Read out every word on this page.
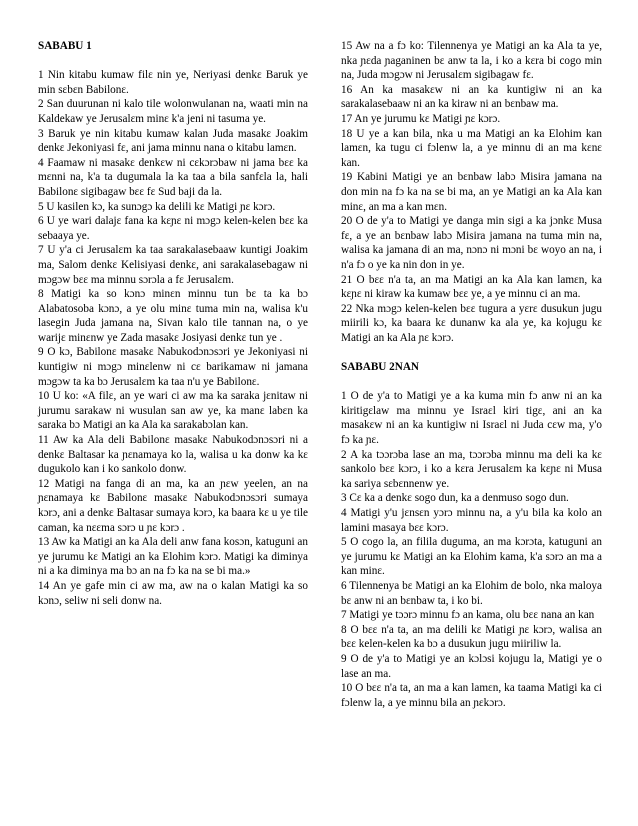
SABABU 1

1 Nin kitabu kumaw filɛ nin ye, Neriyasi denkɛ Baruk ye min sɛbɛn Babilonɛ.

2 San duurunan ni kalo tile wolonwulanan na, waati min na Kaldekaw ye Jerusalɛm minɛ k'a jeni ni tasuma ye.

3 Baruk ye nin kitabu kumaw kalan Juda masakɛ Joakim denkɛ Jekoniyasi fɛ, ani jama minnu nana o kitabu lamɛn.

4 Faamaw ni masakɛ denkɛw ni cɛkɔrɔbaw ni jama bɛɛ ka mɛnni na, k'a ta dugumala la ka taa a bila sanfɛla la, hali Babilonɛ sigibagaw bɛɛ fɛ Sud baji da la.

5 U kasilen kɔ, ka sunɔgɔ ka delili kɛ Matigi ɲɛ kɔrɔ.

6 U ye wari dalajɛ fana ka kɛɲɛ ni mɔgɔ kelen-kelen bɛɛ ka sebaaya ye.

7 U y'a ci Jerusalɛm ka taa sarakalasebaaw kuntigi Joakim ma, Salom denkɛ Kelisiyasi denkɛ, ani sarakalasebagaw ni mɔgɔw bɛɛ ma minnu sɔrɔla a fɛ Jerusalɛm.

8 Matigi ka so kɔnɔ minɛn minnu tun bɛ ta ka bɔ Alabatosoba kɔnɔ, a ye olu minɛ tuma min na, walisa k'u lasegin Juda jamana na, Sivan kalo tile tannan na, o ye warijɛ minɛnw ye Zada masakɛ Josiyasi denkɛ tun ye .

9 O kɔ, Babilonɛ masakɛ Nabukodɔnɔsɔri ye Jekoniyasi ni kuntigiw ni mɔgɔ minɛlenw ni cɛ barikamaw ni jamana mɔgɔw ta ka bɔ Jerusalɛm ka taa n'u ye Babilonɛ.

10 U ko: «A filɛ, an ye wari ci aw ma ka saraka jɛnitaw ni jurumu sarakaw ni wusulan san aw ye, ka manɛ labɛn ka saraka bɔ Matigi an ka Ala ka sarakabɔlan kan.

11 Aw ka Ala deli Babilonɛ masakɛ Nabukodɔnɔsɔri ni a denkɛ Baltasar ka ɲɛnamaya ko la, walisa u ka donw ka kɛ dugukolo kan i ko sankolo donw.

12 Matigi na fanga di an ma, ka an ɲɛw yeelen, an na ɲɛnamaya kɛ Babilonɛ masakɛ Nabukodɔnɔsɔri sumaya kɔrɔ, ani a denkɛ Baltasar sumaya kɔrɔ, ka baara kɛ u ye tile caman, ka nɛɛma sɔrɔ u ɲɛ kɔrɔ .

13 Aw ka Matigi an ka Ala deli anw fana kosɔn, katuguni an ye jurumu kɛ Matigi an ka Elohim kɔrɔ. Matigi ka diminya ni a ka diminya ma bɔ an na fɔ ka na se bi ma.»

14 An ye gafe min ci aw ma, aw na o kalan Matigi ka so kɔnɔ, seliw ni seli donw na.

15 Aw na a fɔ ko: Tilennenya ye Matigi an ka Ala ta ye, nka ɲɛda ɲaganinen bɛ anw ta la, i ko a kɛra bi cogo min na, Juda mɔgɔw ni Jerusalɛm sigibagaw fɛ.

16 An ka masakɛw ni an ka kuntigiw ni an ka sarakalasebaaw ni an ka kiraw ni an bɛnbaw ma.

17 An ye jurumu kɛ Matigi ɲɛ kɔrɔ.

18 U ye a kan bila, nka u ma Matigi an ka Elohim kan lamɛn, ka tugu ci fɔlenw la, a ye minnu di an ma kɛnɛ kan.

19 Kabini Matigi ye an bɛnbaw labɔ Misira jamana na don min na fɔ ka na se bi ma, an ye Matigi an ka Ala kan minɛ, an ma a kan mɛn.

20 O de y'a to Matigi ye danga min sigi a ka jɔnkɛ Musa fɛ, a ye an bɛnbaw labɔ Misira jamana na tuma min na, walisa ka jamana di an ma, nɔnɔ ni mɔni bɛ woyo an na, i n'a fɔ o ye ka nin don in ye.

21 O bɛɛ n'a ta, an ma Matigi an ka Ala kan lamɛn, ka kɛɲɛ ni kiraw ka kumaw bɛɛ ye, a ye minnu ci an ma.

22 Nka mɔgɔ kelen-kelen bɛɛ tugura a yɛrɛ dusukun jugu miirili kɔ, ka baara kɛ dunanw ka ala ye, ka kojugu kɛ Matigi an ka Ala ɲɛ kɔrɔ.

SABABU 2NAN

1 O de y'a to Matigi ye a ka kuma min fɔ anw ni an ka kiritigɛlaw ma minnu ye Israɛl kiri tigɛ, ani an ka masakɛw ni an ka kuntigiw ni Israɛl ni Juda cɛw ma, y'o fɔ ka ɲɛ.

2 A ka tɔɔrɔba lase an ma, tɔɔrɔba minnu ma deli ka kɛ sankolo bɛɛ kɔrɔ, i ko a kɛra Jerusalɛm ka kɛɲɛ ni Musa ka sariya sɛbɛnnenw ye.

3 Cɛ ka a denkɛ sogo dun, ka a denmuso sogo dun.

4 Matigi y'u jɛnsɛn yɔrɔ minnu na, a y'u bila ka kolo an lamini masaya bɛɛ kɔrɔ.

5 O cogo la, an filila duguma, an ma kɔrɔta, katuguni an ye jurumu kɛ Matigi an ka Elohim kama, k'a sɔrɔ an ma a kan minɛ.

6 Tilennenya bɛ Matigi an ka Elohim de bolo, nka maloya bɛ anw ni an bɛnbaw ta, i ko bi.

7 Matigi ye tɔɔrɔ minnu fɔ an kama, olu bɛɛ nana an kan

8 O bɛɛ n'a ta, an ma delili kɛ Matigi ɲɛ kɔrɔ, walisa an bɛɛ kelen-kelen ka bɔ a dusukun jugu miiriliw la.

9 O de y'a to Matigi ye an kɔlɔsi kojugu la, Matigi ye o lase an ma.

10 O bɛɛ n'a ta, an ma a kan lamɛn, ka taama Matigi ka ci fɔlenw la, a ye minnu bila an ɲɛkɔrɔ.
